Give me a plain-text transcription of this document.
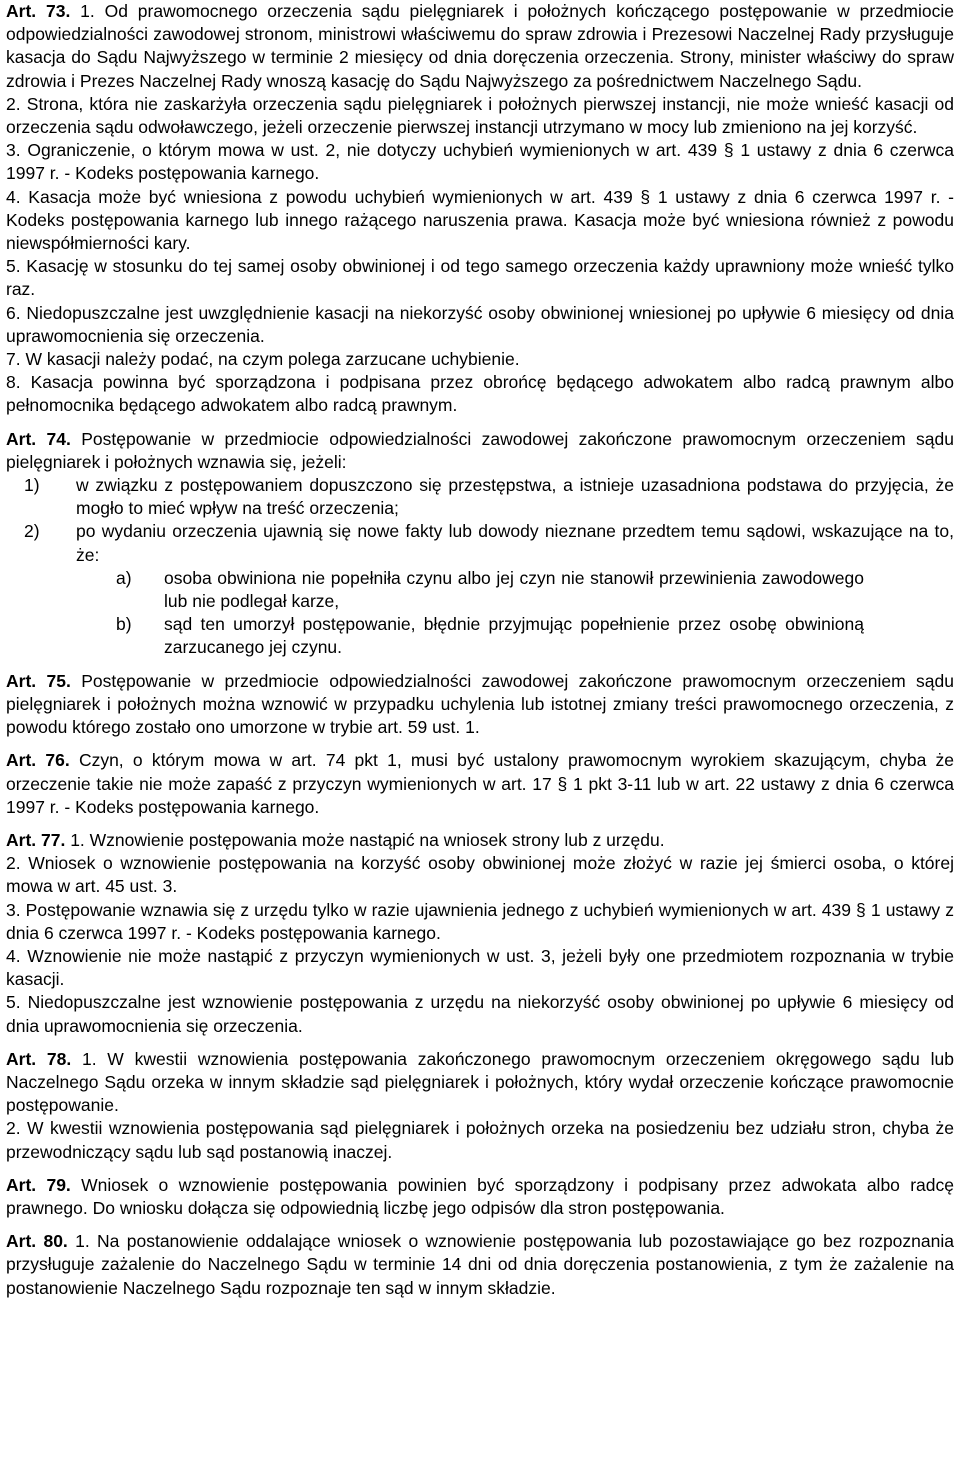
Art. 73. 1. Od prawomocnego orzeczenia sądu pielęgniarek i położnych kończącego postępowanie w przedmiocie odpowiedzialności zawodowej stronom, ministrowi właściwemu do spraw zdrowia i Prezesowi Naczelnej Rady przysługuje kasacja do Sądu Najwyższego w terminie 2 miesięcy od dnia doręczenia orzeczenia. Strony, minister właściwy do spraw zdrowia i Prezes Naczelnej Rady wnoszą kasację do Sądu Najwyższego za pośrednictwem Naczelnego Sądu.

2. Strona, która nie zaskarżyła orzeczenia sądu pielęgniarek i położnych pierwszej instancji, nie może wnieść kasacji od orzeczenia sądu odwoławczego, jeżeli orzeczenie pierwszej instancji utrzymano w mocy lub zmieniono na jej korzyść.

3. Ograniczenie, o którym mowa w ust. 2, nie dotyczy uchybień wymienionych w art. 439 § 1 ustawy z dnia 6 czerwca 1997 r. - Kodeks postępowania karnego.

4. Kasacja może być wniesiona z powodu uchybień wymienionych w art. 439 § 1 ustawy z dnia 6 czerwca 1997 r. - Kodeks postępowania karnego lub innego rażącego naruszenia prawa. Kasacja może być wniesiona również z powodu niewspółmierności kary.

5. Kasację w stosunku do tej samej osoby obwinionej i od tego samego orzeczenia każdy uprawniony może wnieść tylko raz.

6. Niedopuszczalne jest uwzględnienie kasacji na niekorzyść osoby obwinionej wniesionej po upływie 6 miesięcy od dnia uprawomocnienia się orzeczenia.

7. W kasacji należy podać, na czym polega zarzucane uchybienie.

8. Kasacja powinna być sporządzona i podpisana przez obrońcę będącego adwokatem albo radcą prawnym albo pełnomocnika będącego adwokatem albo radcą prawnym.

Art. 74. Postępowanie w przedmiocie odpowiedzialności zawodowej zakończone prawomocnym orzeczeniem sądu pielęgniarek i położnych wznawia się, jeżeli:

1)	w związku z postępowaniem dopuszczono się przestępstwa, a istnieje uzasadniona podstawa do przyjęcia, że mogło to mieć wpływ na treść orzeczenia;
2)	po wydaniu orzeczenia ujawnią się nowe fakty lub dowody nieznane przedtem temu sądowi, wskazujące na to, że:
a)	osoba obwiniona nie popełniła czynu albo jej czyn nie stanowił przewinienia zawodowego lub nie podlegał karze,
b)	sąd ten umorzył postępowanie, błędnie przyjmując popełnienie przez osobę obwinioną zarzucanego jej czynu.

Art. 75. Postępowanie w przedmiocie odpowiedzialności zawodowej zakończone prawomocnym orzeczeniem sądu pielęgniarek i położnych można wznowić w przypadku uchylenia lub istotnej zmiany treści prawomocnego orzeczenia, z powodu którego zostało ono umorzone w trybie art. 59 ust. 1.

Art. 76. Czyn, o którym mowa w art. 74 pkt 1, musi być ustalony prawomocnym wyrokiem skazującym, chyba że orzeczenie takie nie może zapaść z przyczyn wymienionych w art. 17 § 1 pkt 3-11 lub w art. 22 ustawy z dnia 6 czerwca 1997 r. - Kodeks postępowania karnego.

Art. 77. 1. Wznowienie postępowania może nastąpić na wniosek strony lub z urzędu.

2. Wniosek o wznowienie postępowania na korzyść osoby obwinionej może złożyć w razie jej śmierci osoba, o której mowa w art. 45 ust. 3.

3. Postępowanie wznawia się z urzędu tylko w razie ujawnienia jednego z uchybień wymienionych w art. 439 § 1 ustawy z dnia 6 czerwca 1997 r. - Kodeks postępowania karnego.

4. Wznowienie nie może nastąpić z przyczyn wymienionych w ust. 3, jeżeli były one przedmiotem rozpoznania w trybie kasacji.

5. Niedopuszczalne jest wznowienie postępowania z urzędu na niekorzyść osoby obwinionej po upływie 6 miesięcy od dnia uprawomocnienia się orzeczenia.

Art. 78. 1. W kwestii wznowienia postępowania zakończonego prawomocnym orzeczeniem okręgowego sądu lub Naczelnego Sądu orzeka w innym składzie sąd pielęgniarek i położnych, który wydał orzeczenie kończące prawomocnie postępowanie.

2. W kwestii wznowienia postępowania sąd pielęgniarek i położnych orzeka na posiedzeniu bez udziału stron, chyba że przewodniczący sądu lub sąd postanowią inaczej.

Art. 79. Wniosek o wznowienie postępowania powinien być sporządzony i podpisany przez adwokata albo radcę prawnego. Do wniosku dołącza się odpowiednią liczbę jego odpisów dla stron postępowania.

Art. 80. 1. Na postanowienie oddalające wniosek o wznowienie postępowania lub pozostawiające go bez rozpoznania przysługuje zażalenie do Naczelnego Sądu w terminie 14 dni od dnia doręczenia postanowienia, z tym że zażalenie na postanowienie Naczelnego Sądu rozpoznaje ten sąd w innym składzie.
